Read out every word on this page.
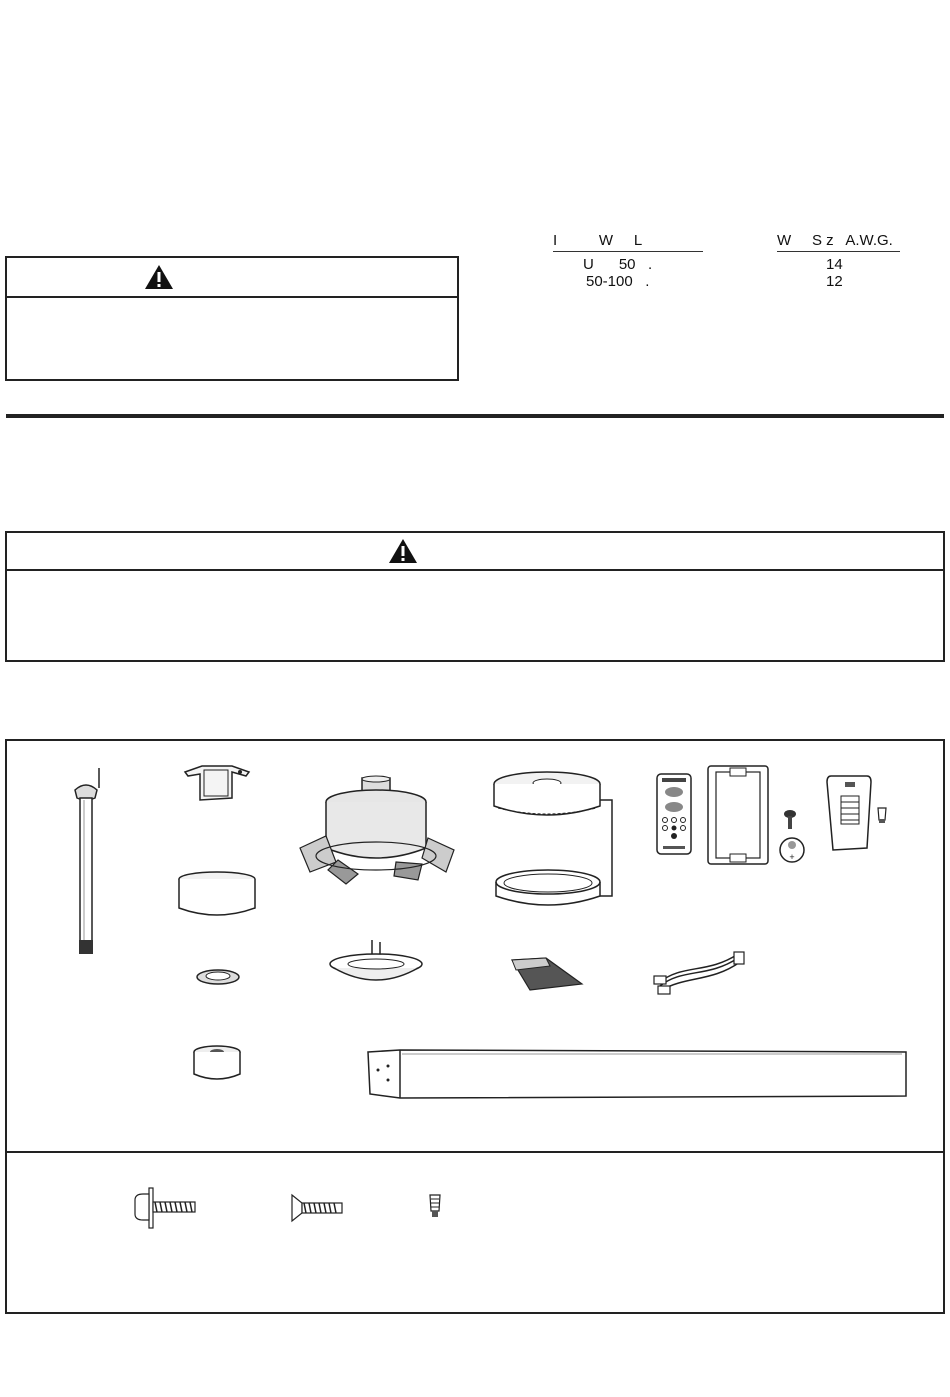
I          W     L	W     S z   A.W.G.
U      50   .	14
50-100   .	12
+
